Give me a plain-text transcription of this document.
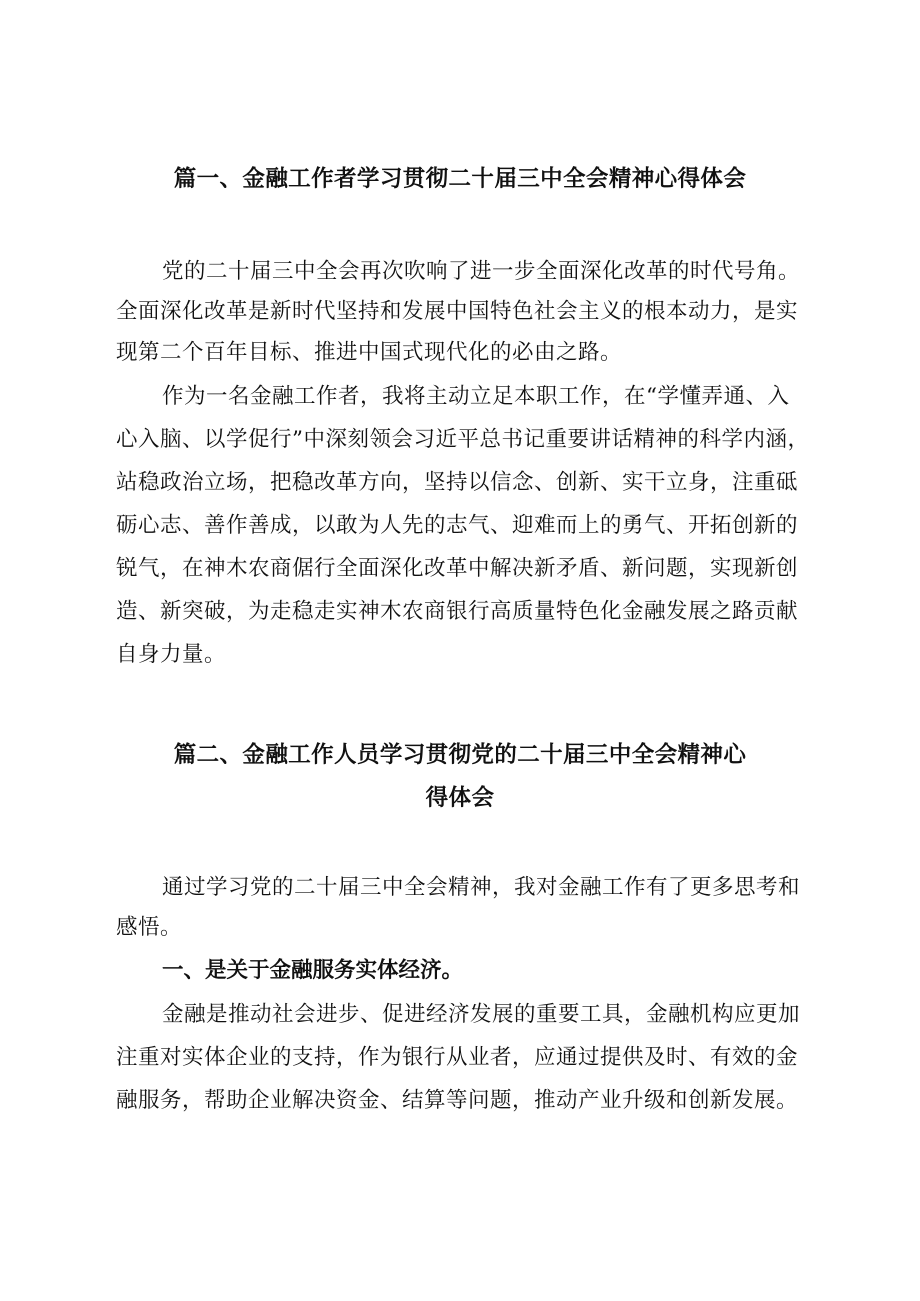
篇一、金融工作者学习贯彻二十届三中全会精神心得体会
党的二十届三中全会再次吹响了进一步全面深化改革的时代号角。
全面深化改革是新时代坚持和发展中国特色社会主义的根本动力，是实
现第二个百年目标、推进中国式现代化的必由之路。
作为一名金融工作者，我将主动立足本职工作，在“学懂弄通、入
心入脑、以学促行”中深刻领会习近平总书记重要讲话精神的科学内涵，
站稳政治立场，把稳改革方向，坚持以信念、创新、实干立身，注重砥
砺心志、善作善成，以敢为人先的志气、迎难而上的勇气、开拓创新的
锐气，在神木农商倨行全面深化改革中解决新矛盾、新问题，实现新创
造、新突破，为走稳走实神木农商银行高质量特色化金融发展之路贡献
自身力量。
篇二、金融工作人员学习贯彻党的二十届三中全会精神心
得体会
通过学习党的二十届三中全会精神，我对金融工作有了更多思考和
感悟。
一、是关于金融服务实体经济。
金融是推动社会进步、促进经济发展的重要工具，金融机构应更加
注重对实体企业的支持，作为银行从业者，应通过提供及时、有效的金
融服务，帮助企业解决资金、结算等问题，推动产业升级和创新发展。
